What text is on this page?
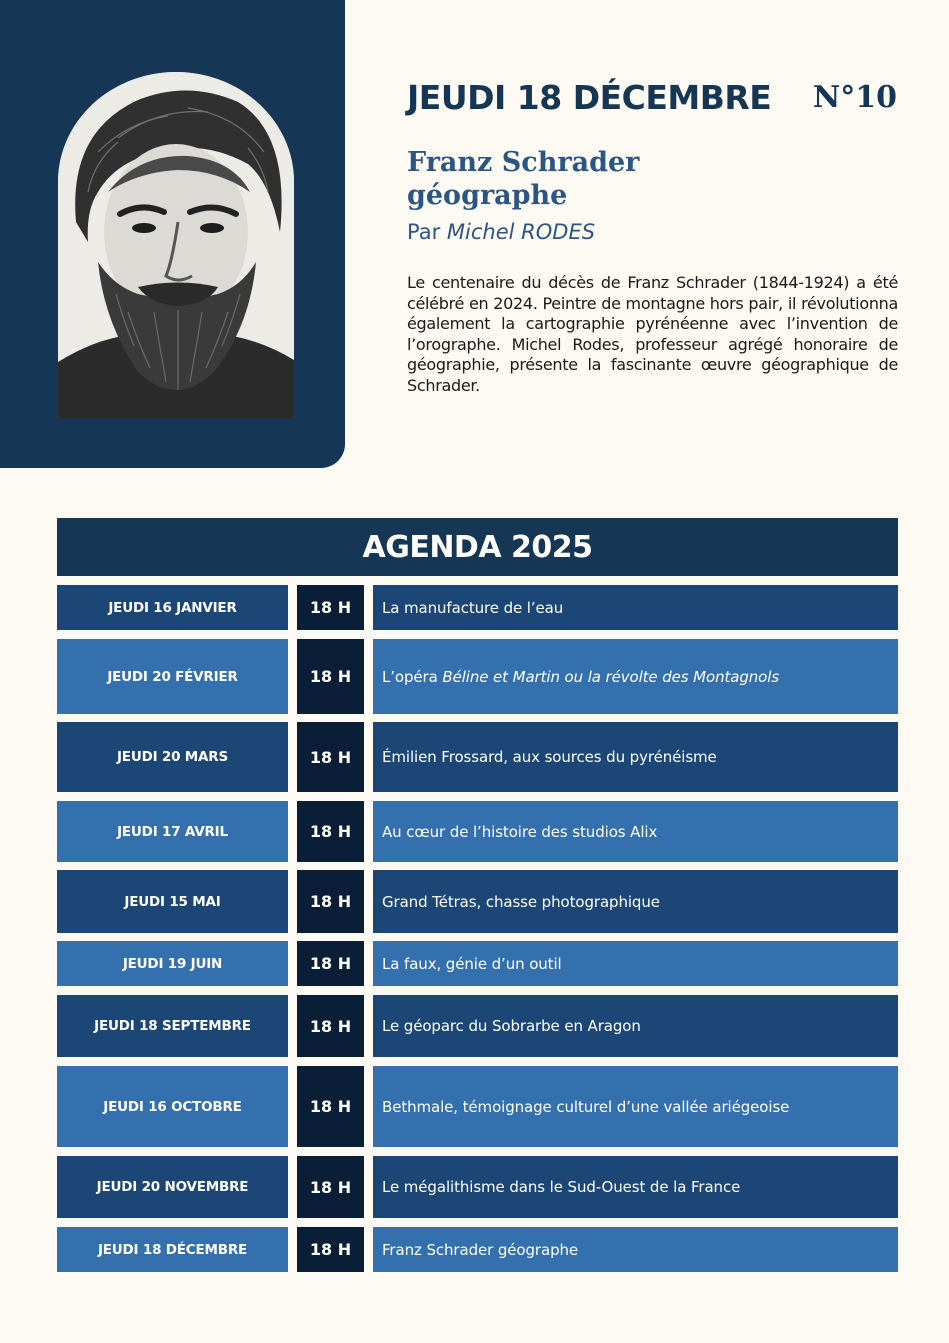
JEUDI 18 DÉCEMBRE N°10
Franz Schrader
géographe
Par Michel RODES
Le centenaire du décès de Franz Schrader (1844-1924) a été célébré en 2024. Peintre de montagne hors pair, il révolutionna également la cartographie pyrénéenne avec l’invention de l’orographe. Michel Rodes, professeur agrégé honoraire de géographie, présente la fascinante œuvre géographique de Schrader.
AGENDA 2025
JEUDI 16 JANVIER	18 H	La manufacture de l’eau
JEUDI 20 FÉVRIER	18 H	L’opéra Béline et Martin ou la révolte des Montagnols
JEUDI 20 MARS	18 H	Émilien Frossard, aux sources du pyrénéisme
JEUDI 17 AVRIL	18 H	Au cœur de l’histoire des studios Alix
JEUDI 15 MAI	18 H	Grand Tétras, chasse photographique
JEUDI 19 JUIN	18 H	La faux, génie d’un outil
JEUDI 18 SEPTEMBRE	18 H	Le géoparc du Sobrarbe en Aragon
JEUDI 16 OCTOBRE	18 H	Bethmale, témoignage culturel d’une vallée ariégeoise
JEUDI 20 NOVEMBRE	18 H	Le mégalithisme dans le Sud-Ouest de la France
JEUDI 18 DÉCEMBRE	18 H	Franz Schrader géographe
